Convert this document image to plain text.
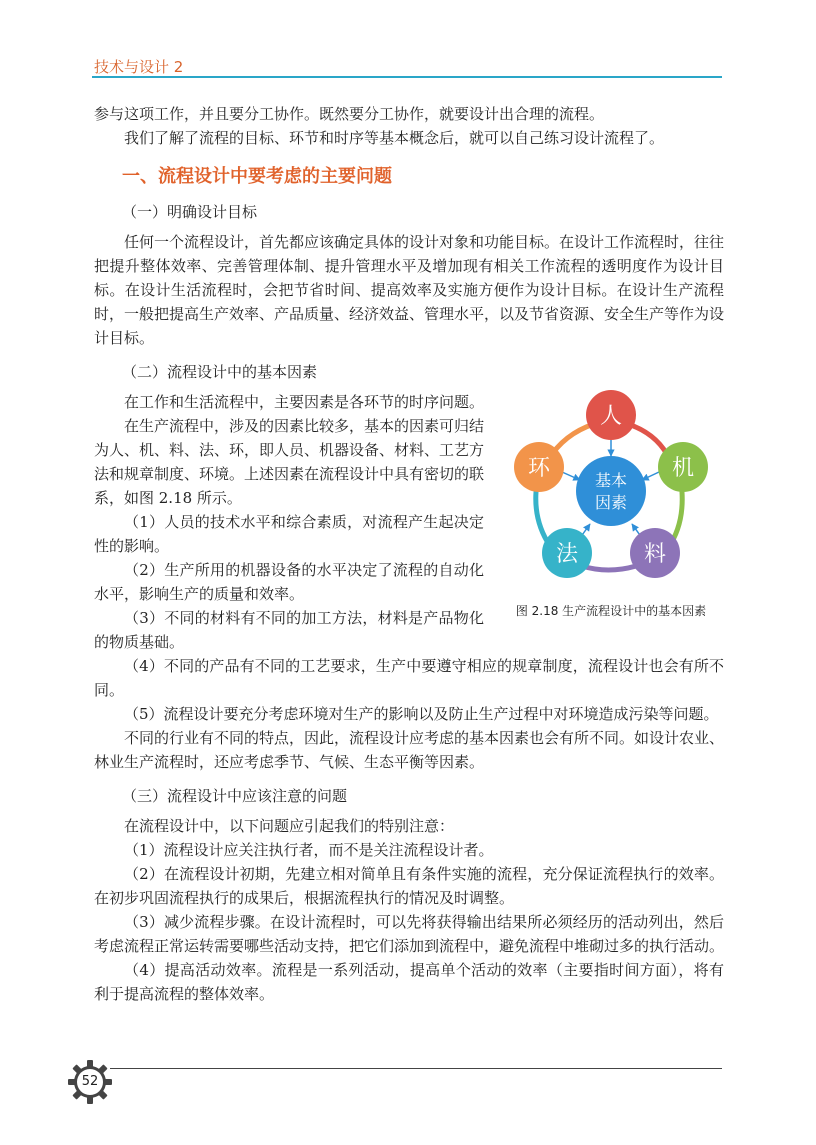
技术与设计 2

参与这项工作，并且要分工协作。既然要分工协作，就要设计出合理的流程。

我们了解了流程的目标、环节和时序等基本概念后，就可以自己练习设计流程了。

一、流程设计中要考虑的主要问题
（一）明确设计目标

任何一个流程设计，首先都应该确定具体的设计对象和功能目标。在设计工作流程时，往往把提升整体效率、完善管理体制、提升管理水平及增加现有相关工作流程的透明度作为设计目标。在设计生活流程时，会把节省时间、提高效率及实施方便作为设计目标。在设计生产流程时，一般把提高生产效率、产品质量、经济效益、管理水平，以及节省资源、安全生产等作为设计目标。

（二）流程设计中的基本因素
基本
因素
人
机
料
法
环
图 2.18 生产流程设计中的基本因素

在工作和生活流程中，主要因素是各环节的时序问题。

在生产流程中，涉及的因素比较多，基本的因素可归结为人、机、料、法、环，即人员、机器设备、材料、工艺方法和规章制度、环境。上述因素在流程设计中具有密切的联系，如图 2.18 所示。

（1）人员的技术水平和综合素质，对流程产生起决定性的影响。

（2）生产所用的机器设备的水平决定了流程的自动化水平，影响生产的质量和效率。

（3）不同的材料有不同的加工方法，材料是产品物化的物质基础。

（4）不同的产品有不同的工艺要求，生产中要遵守相应的规章制度，流程设计也会有所不同。

（5）流程设计要充分考虑环境对生产的影响以及防止生产过程中对环境造成污染等问题。

不同的行业有不同的特点，因此，流程设计应考虑的基本因素也会有所不同。如设计农业、林业生产流程时，还应考虑季节、气候、生态平衡等因素。

（三）流程设计中应该注意的问题

在流程设计中，以下问题应引起我们的特别注意：

（1）流程设计应关注执行者，而不是关注流程设计者。

（2）在流程设计初期，先建立相对简单且有条件实施的流程，充分保证流程执行的效率。在初步巩固流程执行的成果后，根据流程执行的情况及时调整。

（3）减少流程步骤。在设计流程时，可以先将获得输出结果所必须经历的活动列出，然后考虑流程正常运转需要哪些活动支持，把它们添加到流程中，避免流程中堆砌过多的执行活动。

（4）提高活动效率。流程是一系列活动，提高单个活动的效率（主要指时间方面），将有利于提高流程的整体效率。

52
